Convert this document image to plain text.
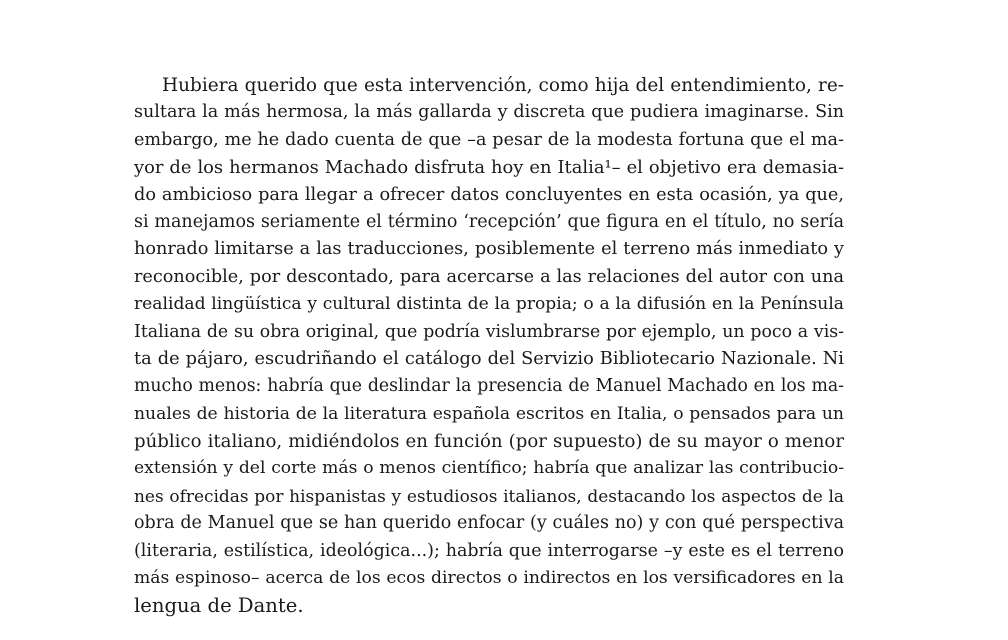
Hubiera querido que esta intervención, como hija del entendimiento, re-
sultara la más hermosa, la más gallarda y discreta que pudiera imaginarse. Sin
embargo, me he dado cuenta de que –a pesar de la modesta fortuna que el ma-
yor de los hermanos Machado disfruta hoy en Italia¹– el objetivo era demasia-
do ambicioso para llegar a ofrecer datos concluyentes en esta ocasión, ya que,
si manejamos seriamente el término ‘recepción’ que figura en el título, no sería
honrado limitarse a las traducciones, posiblemente el terreno más inmediato y
reconocible, por descontado, para acercarse a las relaciones del autor con una
realidad lingüística y cultural distinta de la propia; o a la difusión en la Península
Italiana de su obra original, que podría vislumbrarse por ejemplo, un poco a vis-
ta de pájaro, escudriñando el catálogo del Servizio Bibliotecario Nazionale. Ni
mucho menos: habría que deslindar la presencia de Manuel Machado en los ma-
nuales de historia de la literatura española escritos en Italia, o pensados para un
público italiano, midiéndolos en función (por supuesto) de su mayor o menor
extensión y del corte más o menos científico; habría que analizar las contribucio-
nes ofrecidas por hispanistas y estudiosos italianos, destacando los aspectos de la
obra de Manuel que se han querido enfocar (y cuáles no) y con qué perspectiva
(literaria, estilística, ideológica...); habría que interrogarse –y este es el terreno
más espinoso– acerca de los ecos directos o indirectos en los versificadores en la
lengua de Dante.
